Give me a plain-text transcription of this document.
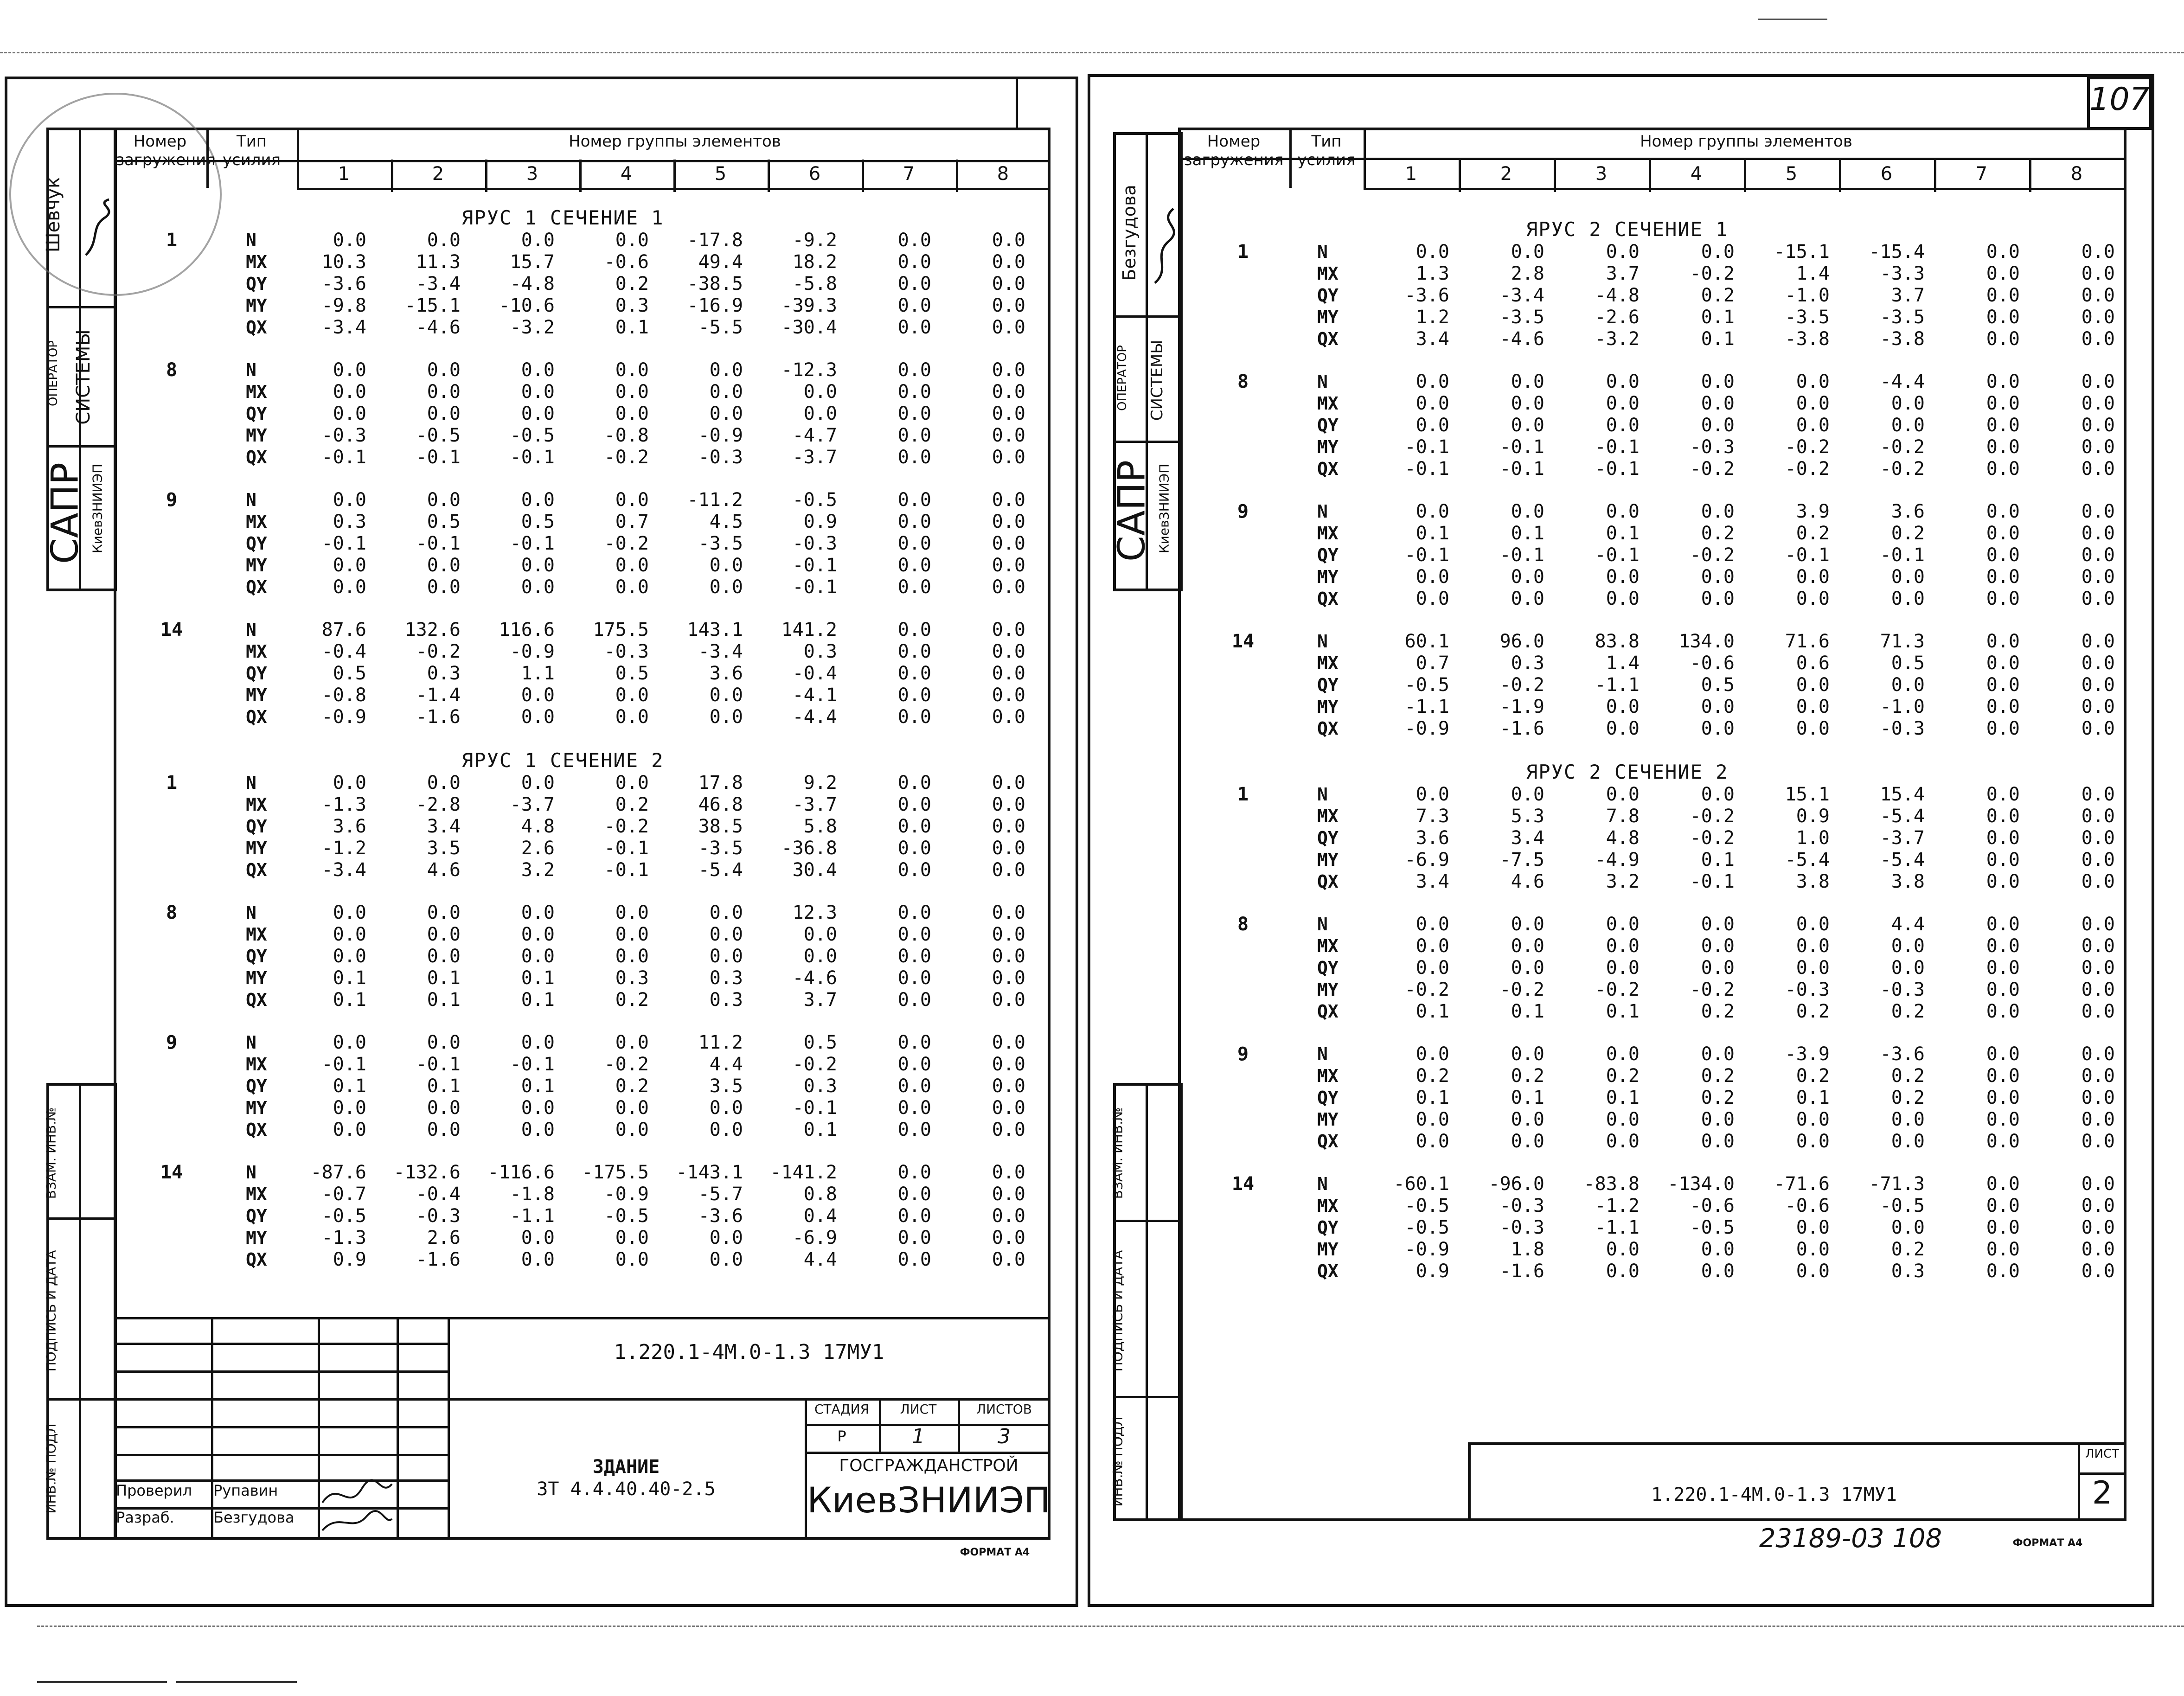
САПР КиевЗНИИЭП
ОПЕРАТОР СИСТЕМЫ
Шевчук
ВЗАМ. ИНВ.№
ПОДПИСЬ И ДАТА
ИНВ.№ ПОДЛ
Номер загружения
Тип усилия
Номер группы элементов
1	2	3	4	5	6	7	8
ЯРУС 1 СЕЧЕНИЕ 1
1	N	0.0	0.0	0.0	0.0	-17.8	-9.2	0.0	0.0
MX	10.3	11.3	15.7	-0.6	49.4	18.2	0.0	0.0
QY	-3.6	-3.4	-4.8	0.2	-38.5	-5.8	0.0	0.0
MY	-9.8	-15.1	-10.6	0.3	-16.9	-39.3	0.0	0.0
QX	-3.4	-4.6	-3.2	0.1	-5.5	-30.4	0.0	0.0
8	N	0.0	0.0	0.0	0.0	0.0	-12.3	0.0	0.0
MX	0.0	0.0	0.0	0.0	0.0	0.0	0.0	0.0
QY	0.0	0.0	0.0	0.0	0.0	0.0	0.0	0.0
MY	-0.3	-0.5	-0.5	-0.8	-0.9	-4.7	0.0	0.0
QX	-0.1	-0.1	-0.1	-0.2	-0.3	-3.7	0.0	0.0
9	N	0.0	0.0	0.0	0.0	-11.2	-0.5	0.0	0.0
MX	0.3	0.5	0.5	0.7	4.5	0.9	0.0	0.0
QY	-0.1	-0.1	-0.1	-0.2	-3.5	-0.3	0.0	0.0
MY	0.0	0.0	0.0	0.0	0.0	-0.1	0.0	0.0
QX	0.0	0.0	0.0	0.0	0.0	-0.1	0.0	0.0
14	N	87.6	132.6	116.6	175.5	143.1	141.2	0.0	0.0
MX	-0.4	-0.2	-0.9	-0.3	-3.4	0.3	0.0	0.0
QY	0.5	0.3	1.1	0.5	3.6	-0.4	0.0	0.0
MY	-0.8	-1.4	0.0	0.0	0.0	-4.1	0.0	0.0
QX	-0.9	-1.6	0.0	0.0	0.0	-4.4	0.0	0.0
ЯРУС 1 СЕЧЕНИЕ 2
1	N	0.0	0.0	0.0	0.0	17.8	9.2	0.0	0.0
MX	-1.3	-2.8	-3.7	0.2	46.8	-3.7	0.0	0.0
QY	3.6	3.4	4.8	-0.2	38.5	5.8	0.0	0.0
MY	-1.2	3.5	2.6	-0.1	-3.5	-36.8	0.0	0.0
QX	-3.4	4.6	3.2	-0.1	-5.4	30.4	0.0	0.0
8	N	0.0	0.0	0.0	0.0	0.0	12.3	0.0	0.0
MX	0.0	0.0	0.0	0.0	0.0	0.0	0.0	0.0
QY	0.0	0.0	0.0	0.0	0.0	0.0	0.0	0.0
MY	0.1	0.1	0.1	0.3	0.3	-4.6	0.0	0.0
QX	0.1	0.1	0.1	0.2	0.3	3.7	0.0	0.0
9	N	0.0	0.0	0.0	0.0	11.2	0.5	0.0	0.0
MX	-0.1	-0.1	-0.1	-0.2	4.4	-0.2	0.0	0.0
QY	0.1	0.1	0.1	0.2	3.5	0.3	0.0	0.0
MY	0.0	0.0	0.0	0.0	0.0	-0.1	0.0	0.0
QX	0.0	0.0	0.0	0.0	0.0	0.1	0.0	0.0
14	N	-87.6	-132.6	-116.6	-175.5	-143.1	-141.2	0.0	0.0
MX	-0.7	-0.4	-1.8	-0.9	-5.7	0.8	0.0	0.0
QY	-0.5	-0.3	-1.1	-0.5	-3.6	0.4	0.0	0.0
MY	-1.3	2.6	0.0	0.0	0.0	-6.9	0.0	0.0
QX	0.9	-1.6	0.0	0.0	0.0	4.4	0.0	0.0
1.220.1-4М.0-1.3 17МУ1
СТАДИЯ	ЛИСТ	ЛИСТОВ
Р	1	3
ГОСГРАЖДАНСТРОЙ
КиевЗНИИЭП
ЗДАНИЕ
ЗТ 4.4.40.40-2.5
Проверил	Рупавин
Разраб.	Безгудова
ФОРМАТ А4
107
САПР КиевЗНИИЭП
ОПЕРАТОР СИСТЕМЫ
Безгудова
ВЗАМ. ИНВ.№
ПОДПИСЬ И ДАТА
ИНВ.№ ПОДЛ
Номер загружения
Тип усилия
Номер группы элементов
1	2	3	4	5	6	7	8
ЯРУС 2 СЕЧЕНИЕ 1
1	N	0.0	0.0	0.0	0.0	-15.1	-15.4	0.0	0.0
MX	1.3	2.8	3.7	-0.2	1.4	-3.3	0.0	0.0
QY	-3.6	-3.4	-4.8	0.2	-1.0	3.7	0.0	0.0
MY	1.2	-3.5	-2.6	0.1	-3.5	-3.5	0.0	0.0
QX	3.4	-4.6	-3.2	0.1	-3.8	-3.8	0.0	0.0
8	N	0.0	0.0	0.0	0.0	0.0	-4.4	0.0	0.0
MX	0.0	0.0	0.0	0.0	0.0	0.0	0.0	0.0
QY	0.0	0.0	0.0	0.0	0.0	0.0	0.0	0.0
MY	-0.1	-0.1	-0.1	-0.3	-0.2	-0.2	0.0	0.0
QX	-0.1	-0.1	-0.1	-0.2	-0.2	-0.2	0.0	0.0
9	N	0.0	0.0	0.0	0.0	3.9	3.6	0.0	0.0
MX	0.1	0.1	0.1	0.2	0.2	0.2	0.0	0.0
QY	-0.1	-0.1	-0.1	-0.2	-0.1	-0.1	0.0	0.0
MY	0.0	0.0	0.0	0.0	0.0	0.0	0.0	0.0
QX	0.0	0.0	0.0	0.0	0.0	0.0	0.0	0.0
14	N	60.1	96.0	83.8	134.0	71.6	71.3	0.0	0.0
MX	0.7	0.3	1.4	-0.6	0.6	0.5	0.0	0.0
QY	-0.5	-0.2	-1.1	0.5	0.0	0.0	0.0	0.0
MY	-1.1	-1.9	0.0	0.0	0.0	-1.0	0.0	0.0
QX	-0.9	-1.6	0.0	0.0	0.0	-0.3	0.0	0.0
ЯРУС 2 СЕЧЕНИЕ 2
1	N	0.0	0.0	0.0	0.0	15.1	15.4	0.0	0.0
MX	7.3	5.3	7.8	-0.2	0.9	-5.4	0.0	0.0
QY	3.6	3.4	4.8	-0.2	1.0	-3.7	0.0	0.0
MY	-6.9	-7.5	-4.9	0.1	-5.4	-5.4	0.0	0.0
QX	3.4	4.6	3.2	-0.1	3.8	3.8	0.0	0.0
8	N	0.0	0.0	0.0	0.0	0.0	4.4	0.0	0.0
MX	0.0	0.0	0.0	0.0	0.0	0.0	0.0	0.0
QY	0.0	0.0	0.0	0.0	0.0	0.0	0.0	0.0
MY	-0.2	-0.2	-0.2	-0.2	-0.3	-0.3	0.0	0.0
QX	0.1	0.1	0.1	0.2	0.2	0.2	0.0	0.0
9	N	0.0	0.0	0.0	0.0	-3.9	-3.6	0.0	0.0
MX	0.2	0.2	0.2	0.2	0.2	0.2	0.0	0.0
QY	0.1	0.1	0.1	0.2	0.1	0.2	0.0	0.0
MY	0.0	0.0	0.0	0.0	0.0	0.0	0.0	0.0
QX	0.0	0.0	0.0	0.0	0.0	0.0	0.0	0.0
14	N	-60.1	-96.0	-83.8	-134.0	-71.6	-71.3	0.0	0.0
MX	-0.5	-0.3	-1.2	-0.6	-0.6	-0.5	0.0	0.0
QY	-0.5	-0.3	-1.1	-0.5	0.0	0.0	0.0	0.0
MY	-0.9	1.8	0.0	0.0	0.0	0.2	0.0	0.0
QX	0.9	-1.6	0.0	0.0	0.0	0.3	0.0	0.0
ЛИСТ
2
1.220.1-4М.0-1.3 17МУ1
23189-03 108	ФОРМАТ А4
